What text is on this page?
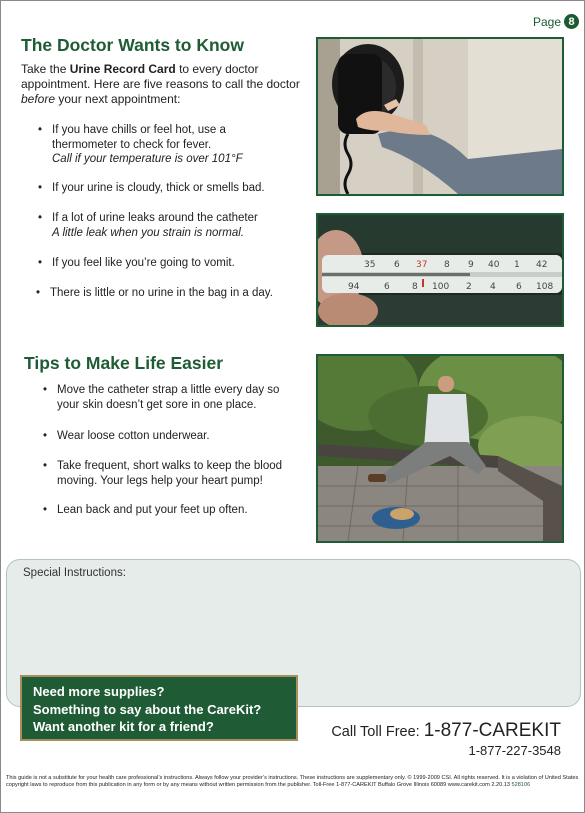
Page 8
The Doctor Wants to Know

Take the Urine Record Card to every doctor appointment. Here are five reasons to call the doctor before your next appointment:

• If you have chills or feel hot, use a thermometer to check for fever.
Call if your temperature is over 101°F
• If your urine is cloudy, thick or smells bad.
• If a lot of urine leaks around the catheter
A little leak when you strain is normal.
• If you feel like you’re going to vomit.
• There is little or no urine in the bag in a day.
Tips to Make Life Easier
• Move the catheter strap a little every day so your skin doesn’t get sore in one place.
• Wear loose cotton underwear.
• Take frequent, short walks to keep the blood moving. Your legs help your heart pump!
• Lean back and put your feet up often.
35 6 37 8 9 40 1 42
94	6 8 100 2 4 6 108
Special Instructions:
Need more supplies?
Something to say about the CareKit?
Want another kit for a friend?	Call Toll Free: 1-877-CAREKIT
1-877-227-3548
This guide is not a substitute for your health care professional’s instructions. Always follow your provider’s instructions. These instructions are supplementary only. © 1999-2009 CSI. All rights reserved. It is a violation of United States copyright laws to reproduce from this publication in any form or by any means without written permission from the publisher. Toll-Free 1-877-CAREKIT Buffalo Grove Illinois 60089 www.carekit.com 2.20.13 528106
